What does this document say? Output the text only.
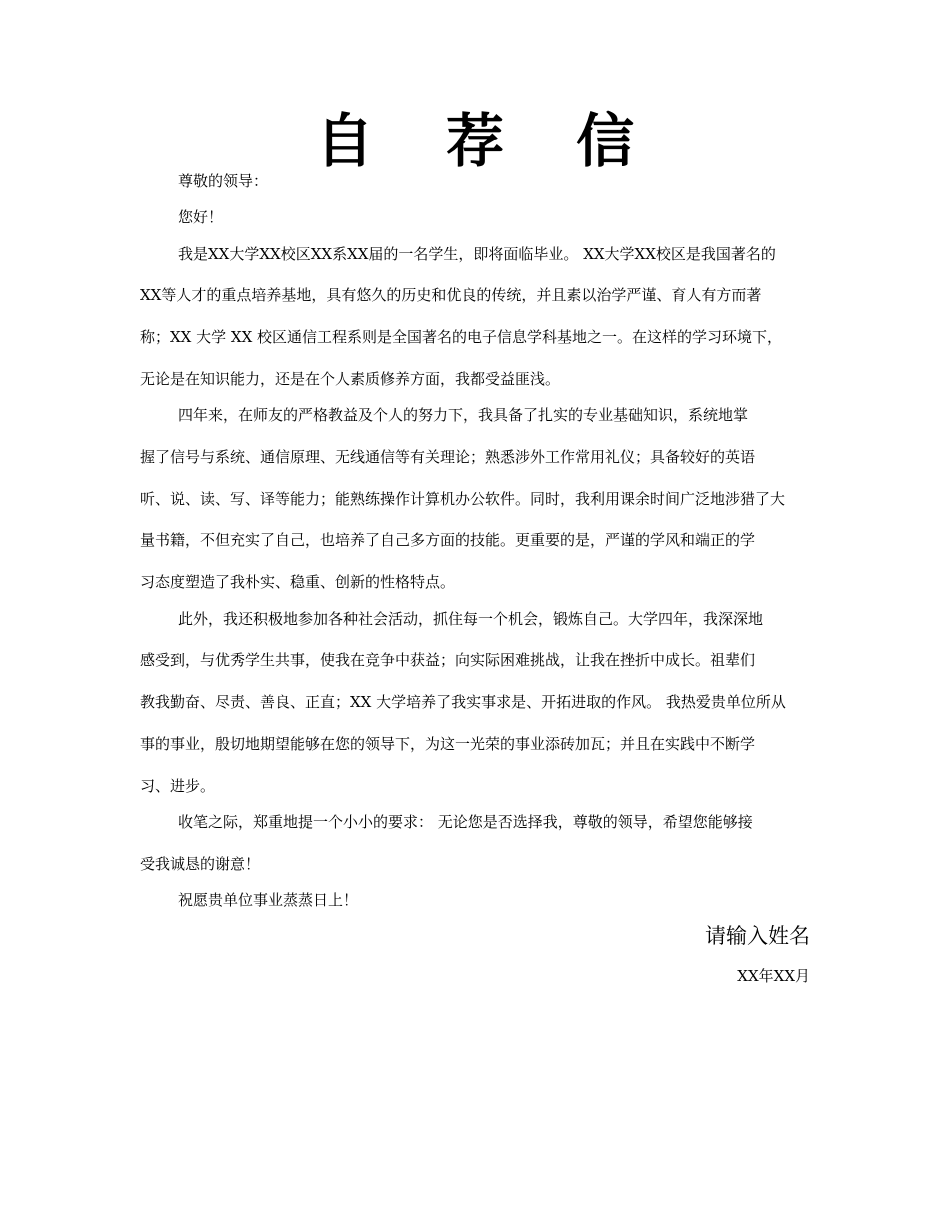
自 荐 信
尊敬的领导：
您好！
我是XX大学XX校区XX系XX届的一名学生，即将面临毕业。 XX大学XX校区是我国著名的
XX等人才的重点培养基地，具有悠久的历史和优良的传统，并且素以治学严谨、育人有方而著
称；XX 大学 XX 校区通信工程系则是全国著名的电子信息学科基地之一。在这样的学习环境下，
无论是在知识能力，还是在个人素质修养方面，我都受益匪浅。
四年来，在师友的严格教益及个人的努力下，我具备了扎实的专业基础知识，系统地掌
握了信号与系统、通信原理、无线通信等有关理论；熟悉涉外工作常用礼仪；具备较好的英语
听、说、读、写、译等能力；能熟练操作计算机办公软件。同时，我利用课余时间广泛地涉猎了大
量书籍，不但充实了自己，也培养了自己多方面的技能。更重要的是，严谨的学风和端正的学
习态度塑造了我朴实、稳重、创新的性格特点。
此外，我还积极地参加各种社会活动，抓住每一个机会，锻炼自己。大学四年，我深深地
感受到，与优秀学生共事，使我在竞争中获益；向实际困难挑战，让我在挫折中成长。祖辈们
教我勤奋、尽责、善良、正直；XX 大学培养了我实事求是、开拓进取的作风。 我热爱贵单位所从
事的事业，殷切地期望能够在您的领导下，为这一光荣的事业添砖加瓦；并且在实践中不断学
习、进步。
收笔之际，郑重地提一个小小的要求： 无论您是否选择我，尊敬的领导，希望您能够接
受我诚恳的谢意！
祝愿贵单位事业蒸蒸日上！
请输入姓名
XX年XX月
